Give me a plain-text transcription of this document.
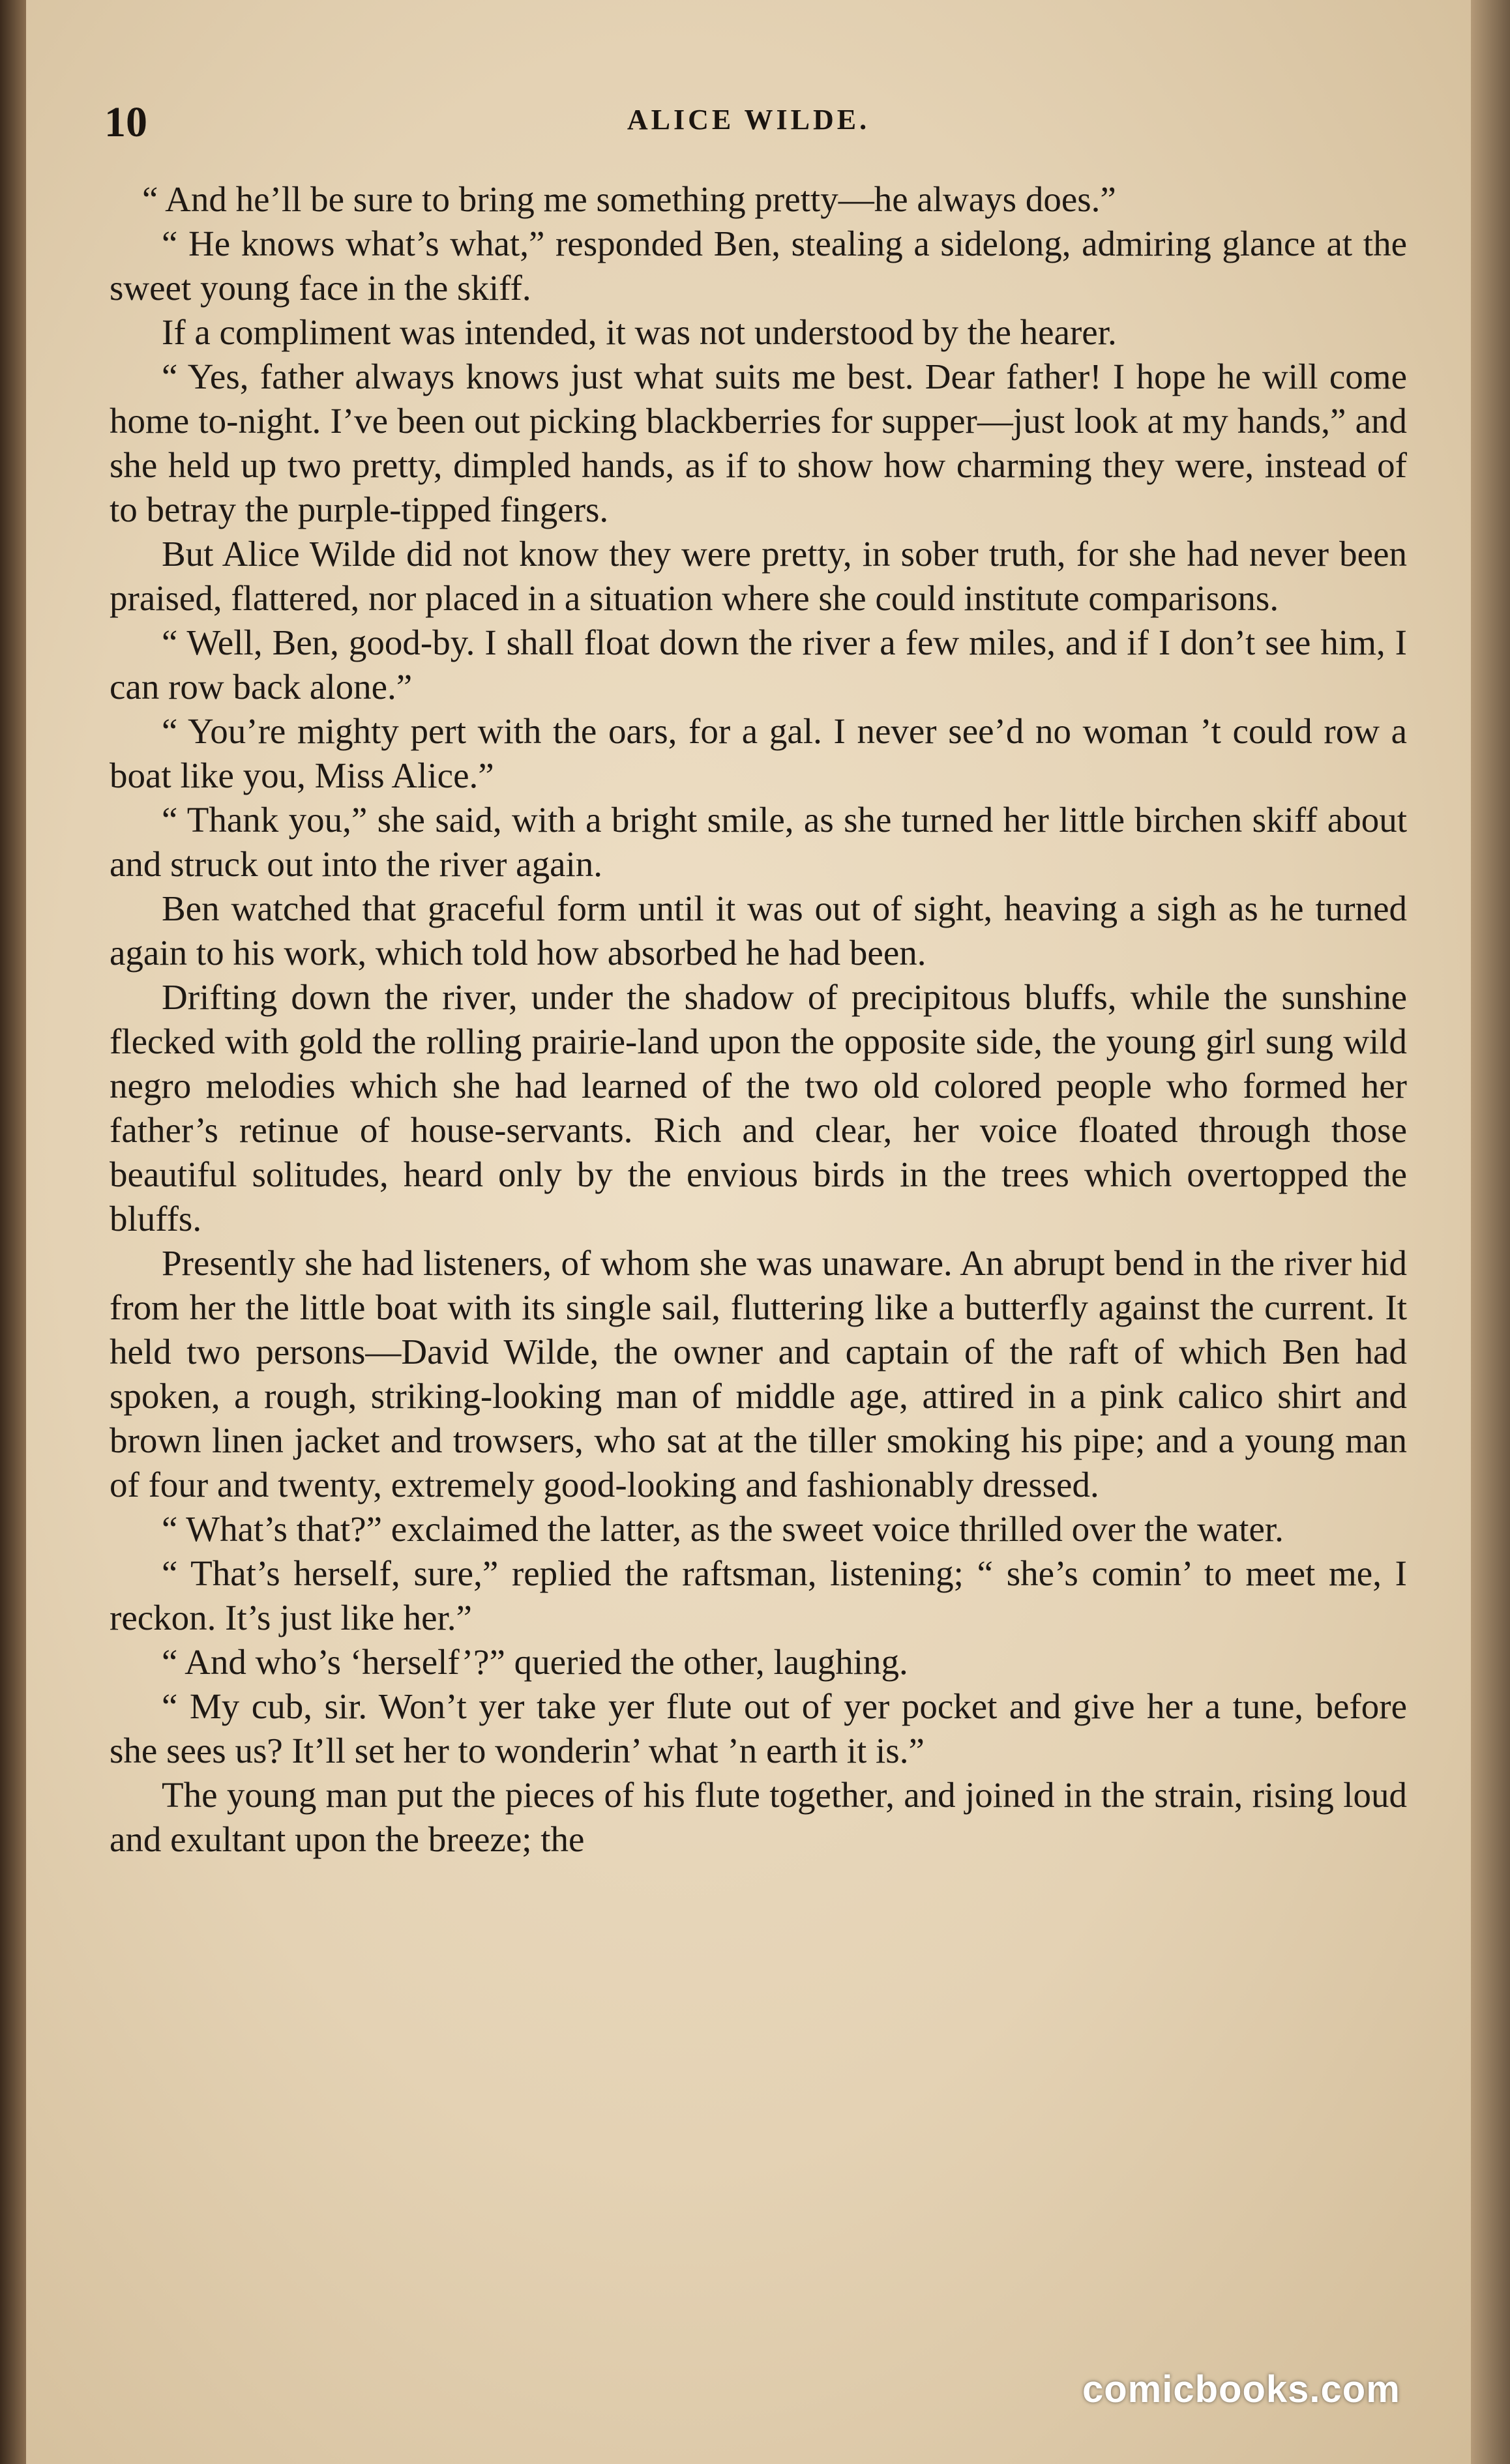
10	ALICE WILDE.

“ And he’ll be sure to bring me something pretty—he always does.”

“ He knows what’s what,” responded Ben, stealing a sidelong, admiring glance at the sweet young face in the skiff.

If a compliment was intended, it was not understood by the hearer.

“ Yes, father always knows just what suits me best. Dear father! I hope he will come home to-night. I’ve been out picking blackberries for supper—just look at my hands,” and she held up two pretty, dimpled hands, as if to show how charming they were, instead of to betray the purple-tipped fingers.

But Alice Wilde did not know they were pretty, in sober truth, for she had never been praised, flattered, nor placed in a situation where she could institute comparisons.

“ Well, Ben, good-by. I shall float down the river a few miles, and if I don’t see him, I can row back alone.”

“ You’re mighty pert with the oars, for a gal. I never see’d no woman ’t could row a boat like you, Miss Alice.”

“ Thank you,” she said, with a bright smile, as she turned her little birchen skiff about and struck out into the river again.

Ben watched that graceful form until it was out of sight, heaving a sigh as he turned again to his work, which told how absorbed he had been.

Drifting down the river, under the shadow of precipitous bluffs, while the sunshine flecked with gold the rolling prairie-land upon the opposite side, the young girl sung wild negro melodies which she had learned of the two old colored people who formed her father’s retinue of house-servants. Rich and clear, her voice floated through those beautiful solitudes, heard only by the envious birds in the trees which overtopped the bluffs.

Presently she had listeners, of whom she was unaware. An abrupt bend in the river hid from her the little boat with its single sail, fluttering like a butterfly against the current. It held two persons—David Wilde, the owner and captain of the raft of which Ben had spoken, a rough, striking-looking man of middle age, attired in a pink calico shirt and brown linen jacket and trowsers, who sat at the tiller smoking his pipe; and a young man of four and twenty, extremely good-looking and fashionably dressed.

“ What’s that?” exclaimed the latter, as the sweet voice thrilled over the water.

“ That’s herself, sure,” replied the raftsman, listening; “ she’s comin’ to meet me, I reckon. It’s just like her.”

“ And who’s ‘herself’?” queried the other, laughing.

“ My cub, sir. Won’t yer take yer flute out of yer pocket and give her a tune, before she sees us? It’ll set her to wonderin’ what ’n earth it is.”

The young man put the pieces of his flute together, and joined in the strain, rising loud and exultant upon the breeze; the

comicbooks.com
